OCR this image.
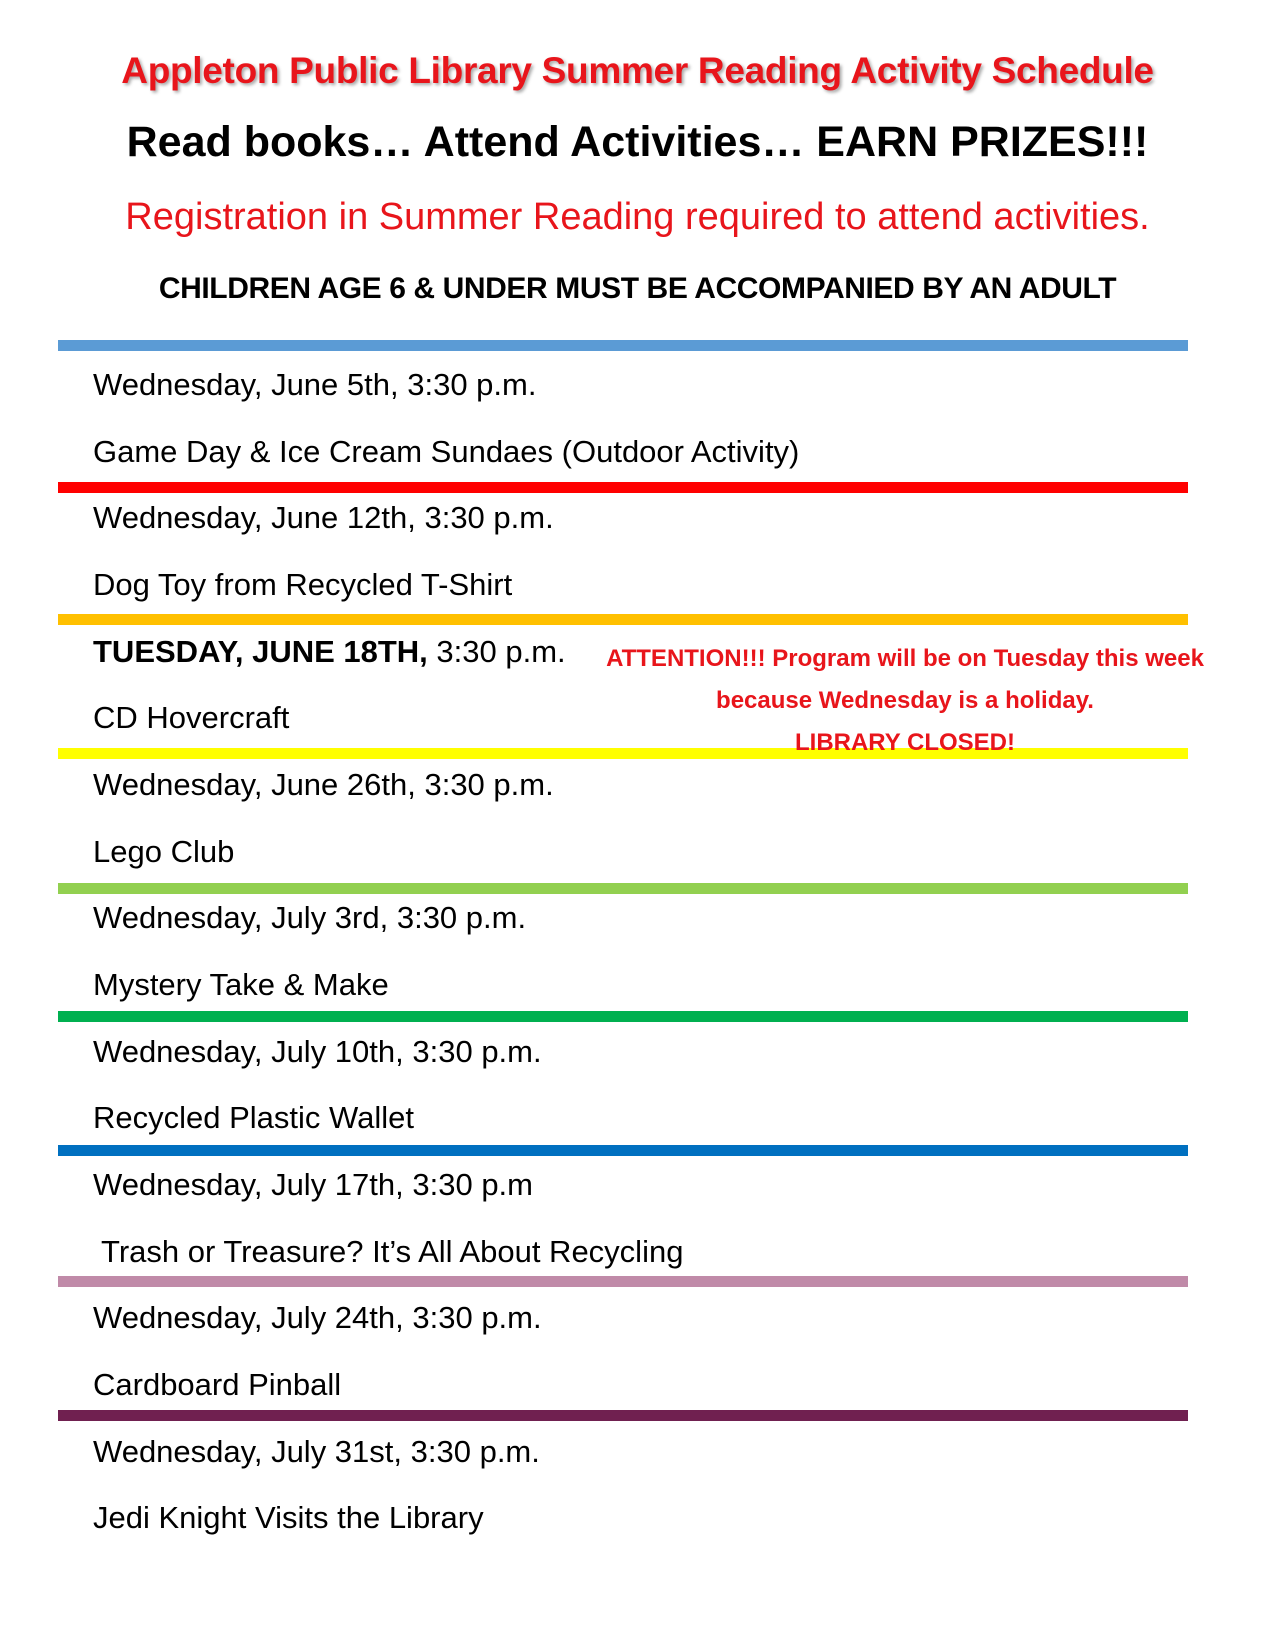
Appleton Public Library Summer Reading Activity Schedule
Read books… Attend Activities… EARN PRIZES!!!
Registration in Summer Reading required to attend activities.
CHILDREN AGE 6 & UNDER MUST BE ACCOMPANIED BY AN ADULT
Wednesday, June 5th, 3:30 p.m.
Game Day & Ice Cream Sundaes (Outdoor Activity)
Wednesday, June 12th, 3:30 p.m.
Dog Toy from Recycled T-Shirt
TUESDAY, JUNE 18TH, 3:30 p.m.
CD Hovercraft
Wednesday, June 26th, 3:30 p.m.
Lego Club
Wednesday, July 3rd, 3:30 p.m.
Mystery Take & Make
Wednesday, July 10th, 3:30 p.m.
Recycled Plastic Wallet
Wednesday, July 17th, 3:30 p.m
Trash or Treasure? It’s All About Recycling
Wednesday, July 24th, 3:30 p.m.
Cardboard Pinball
Wednesday, July 31st, 3:30 p.m.
Jedi Knight Visits the Library
ATTENTION!!! Program will be on Tuesday this week
because Wednesday is a holiday.
LIBRARY CLOSED!
